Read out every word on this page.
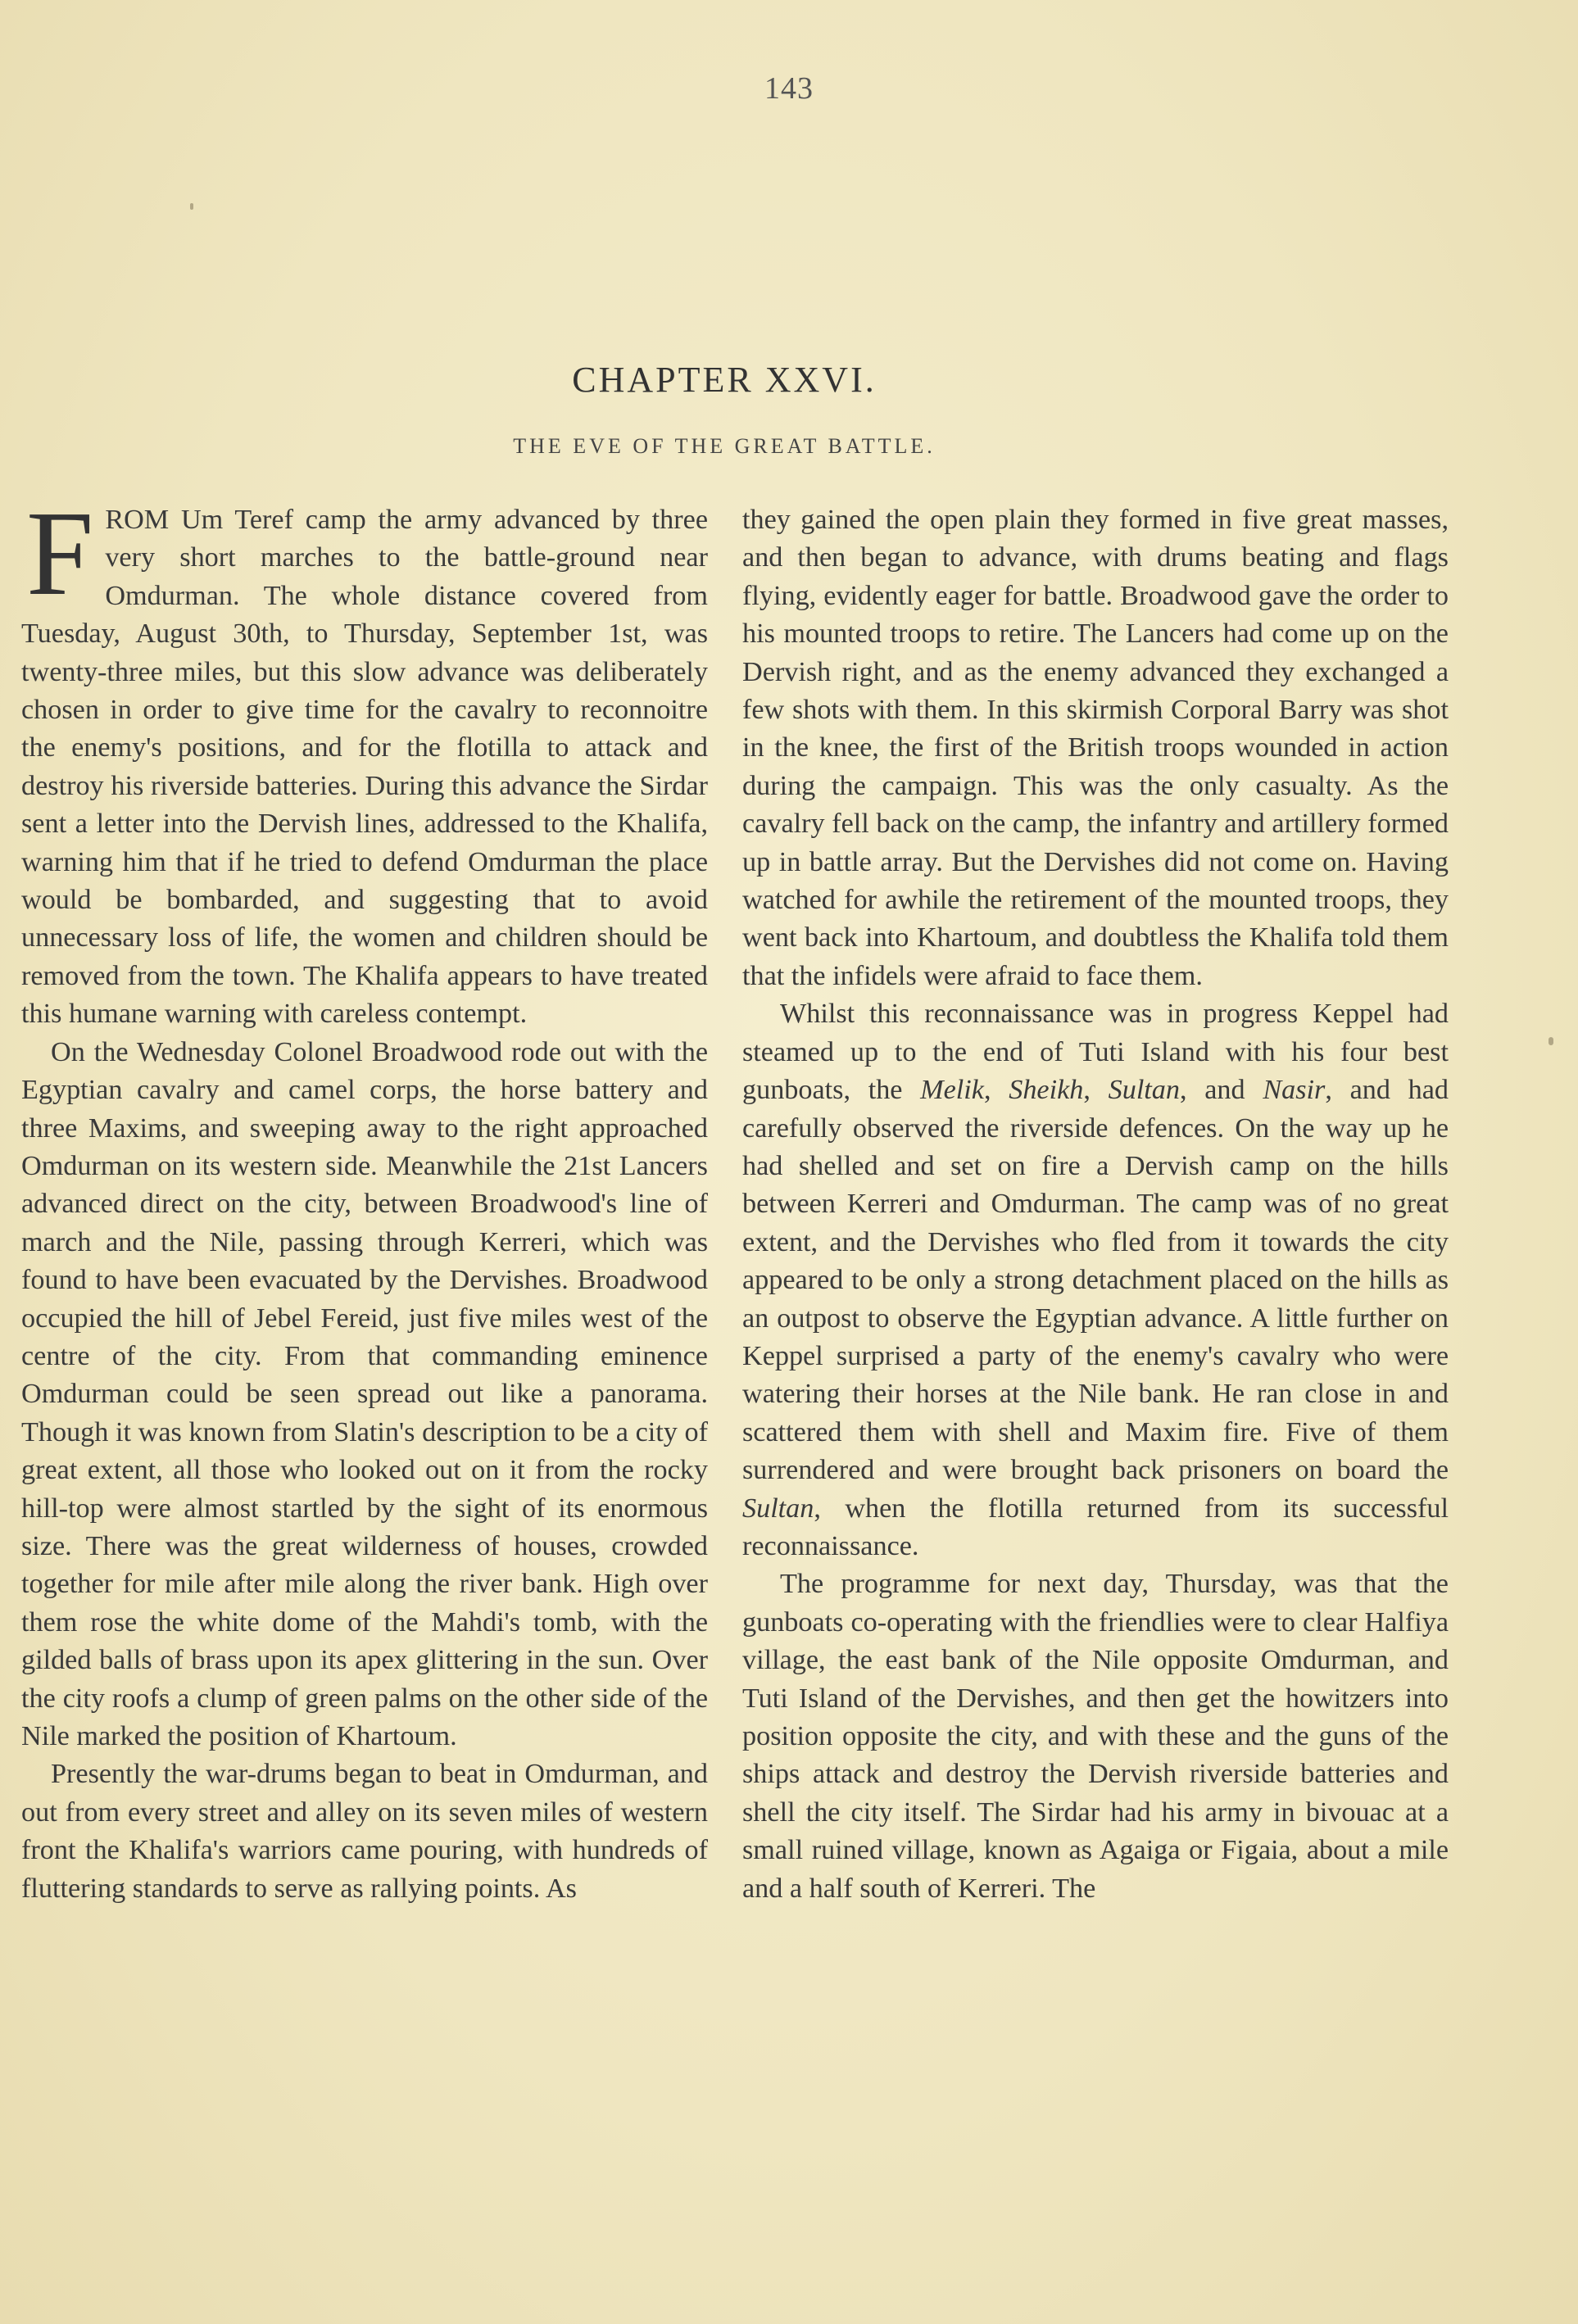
143
CHAPTER XXVI.
THE EVE OF THE GREAT BATTLE.

FROM Um Teref camp the army advanced by three very short marches to the battle-ground near Omdurman. The whole distance covered from Tuesday, August 30th, to Thursday, September 1st, was twenty-three miles, but this slow advance was deliberately chosen in order to give time for the cavalry to reconnoitre the enemy's positions, and for the flotilla to attack and destroy his riverside batteries. During this advance the Sirdar sent a letter into the Dervish lines, addressed to the Khalifa, warning him that if he tried to defend Omdurman the place would be bombarded, and suggesting that to avoid unnecessary loss of life, the women and children should be removed from the town. The Khalifa appears to have treated this humane warning with careless contempt.

On the Wednesday Colonel Broadwood rode out with the Egyptian cavalry and camel corps, the horse battery and three Maxims, and sweeping away to the right approached Omdurman on its western side. Meanwhile the 21st Lancers advanced direct on the city, between Broadwood's line of march and the Nile, passing through Kerreri, which was found to have been evacuated by the Dervishes. Broadwood occupied the hill of Jebel Fereid, just five miles west of the centre of the city. From that commanding eminence Omdurman could be seen spread out like a panorama. Though it was known from Slatin's description to be a city of great extent, all those who looked out on it from the rocky hill-top were almost startled by the sight of its enormous size. There was the great wilderness of houses, crowded together for mile after mile along the river bank. High over them rose the white dome of the Mahdi's tomb, with the gilded balls of brass upon its apex glittering in the sun. Over the city roofs a clump of green palms on the other side of the Nile marked the position of Khartoum.

Presently the war-drums began to beat in Omdurman, and out from every street and alley on its seven miles of western front the Khalifa's warriors came pouring, with hundreds of fluttering standards to serve as rallying points. As

they gained the open plain they formed in five great masses, and then began to advance, with drums beating and flags flying, evidently eager for battle. Broadwood gave the order to his mounted troops to retire. The Lancers had come up on the Dervish right, and as the enemy advanced they exchanged a few shots with them. In this skirmish Corporal Barry was shot in the knee, the first of the British troops wounded in action during the campaign. This was the only casualty. As the cavalry fell back on the camp, the infantry and artillery formed up in battle array. But the Dervishes did not come on. Having watched for awhile the retirement of the mounted troops, they went back into Khartoum, and doubtless the Khalifa told them that the infidels were afraid to face them.

Whilst this reconnaissance was in progress Keppel had steamed up to the end of Tuti Island with his four best gunboats, the Melik, Sheikh, Sultan, and Nasir, and had carefully observed the riverside defences. On the way up he had shelled and set on fire a Dervish camp on the hills between Kerreri and Omdurman. The camp was of no great extent, and the Dervishes who fled from it towards the city appeared to be only a strong detachment placed on the hills as an outpost to observe the Egyptian advance. A little further on Keppel surprised a party of the enemy's cavalry who were watering their horses at the Nile bank. He ran close in and scattered them with shell and Maxim fire. Five of them surrendered and were brought back prisoners on board the Sultan, when the flotilla returned from its successful reconnaissance.

The programme for next day, Thursday, was that the gunboats co-operating with the friendlies were to clear Halfiya village, the east bank of the Nile opposite Omdurman, and Tuti Island of the Dervishes, and then get the howitzers into position opposite the city, and with these and the guns of the ships attack and destroy the Dervish riverside batteries and shell the city itself. The Sirdar had his army in bivouac at a small ruined village, known as Agaiga or Figaia, about a mile and a half south of Kerreri. The
